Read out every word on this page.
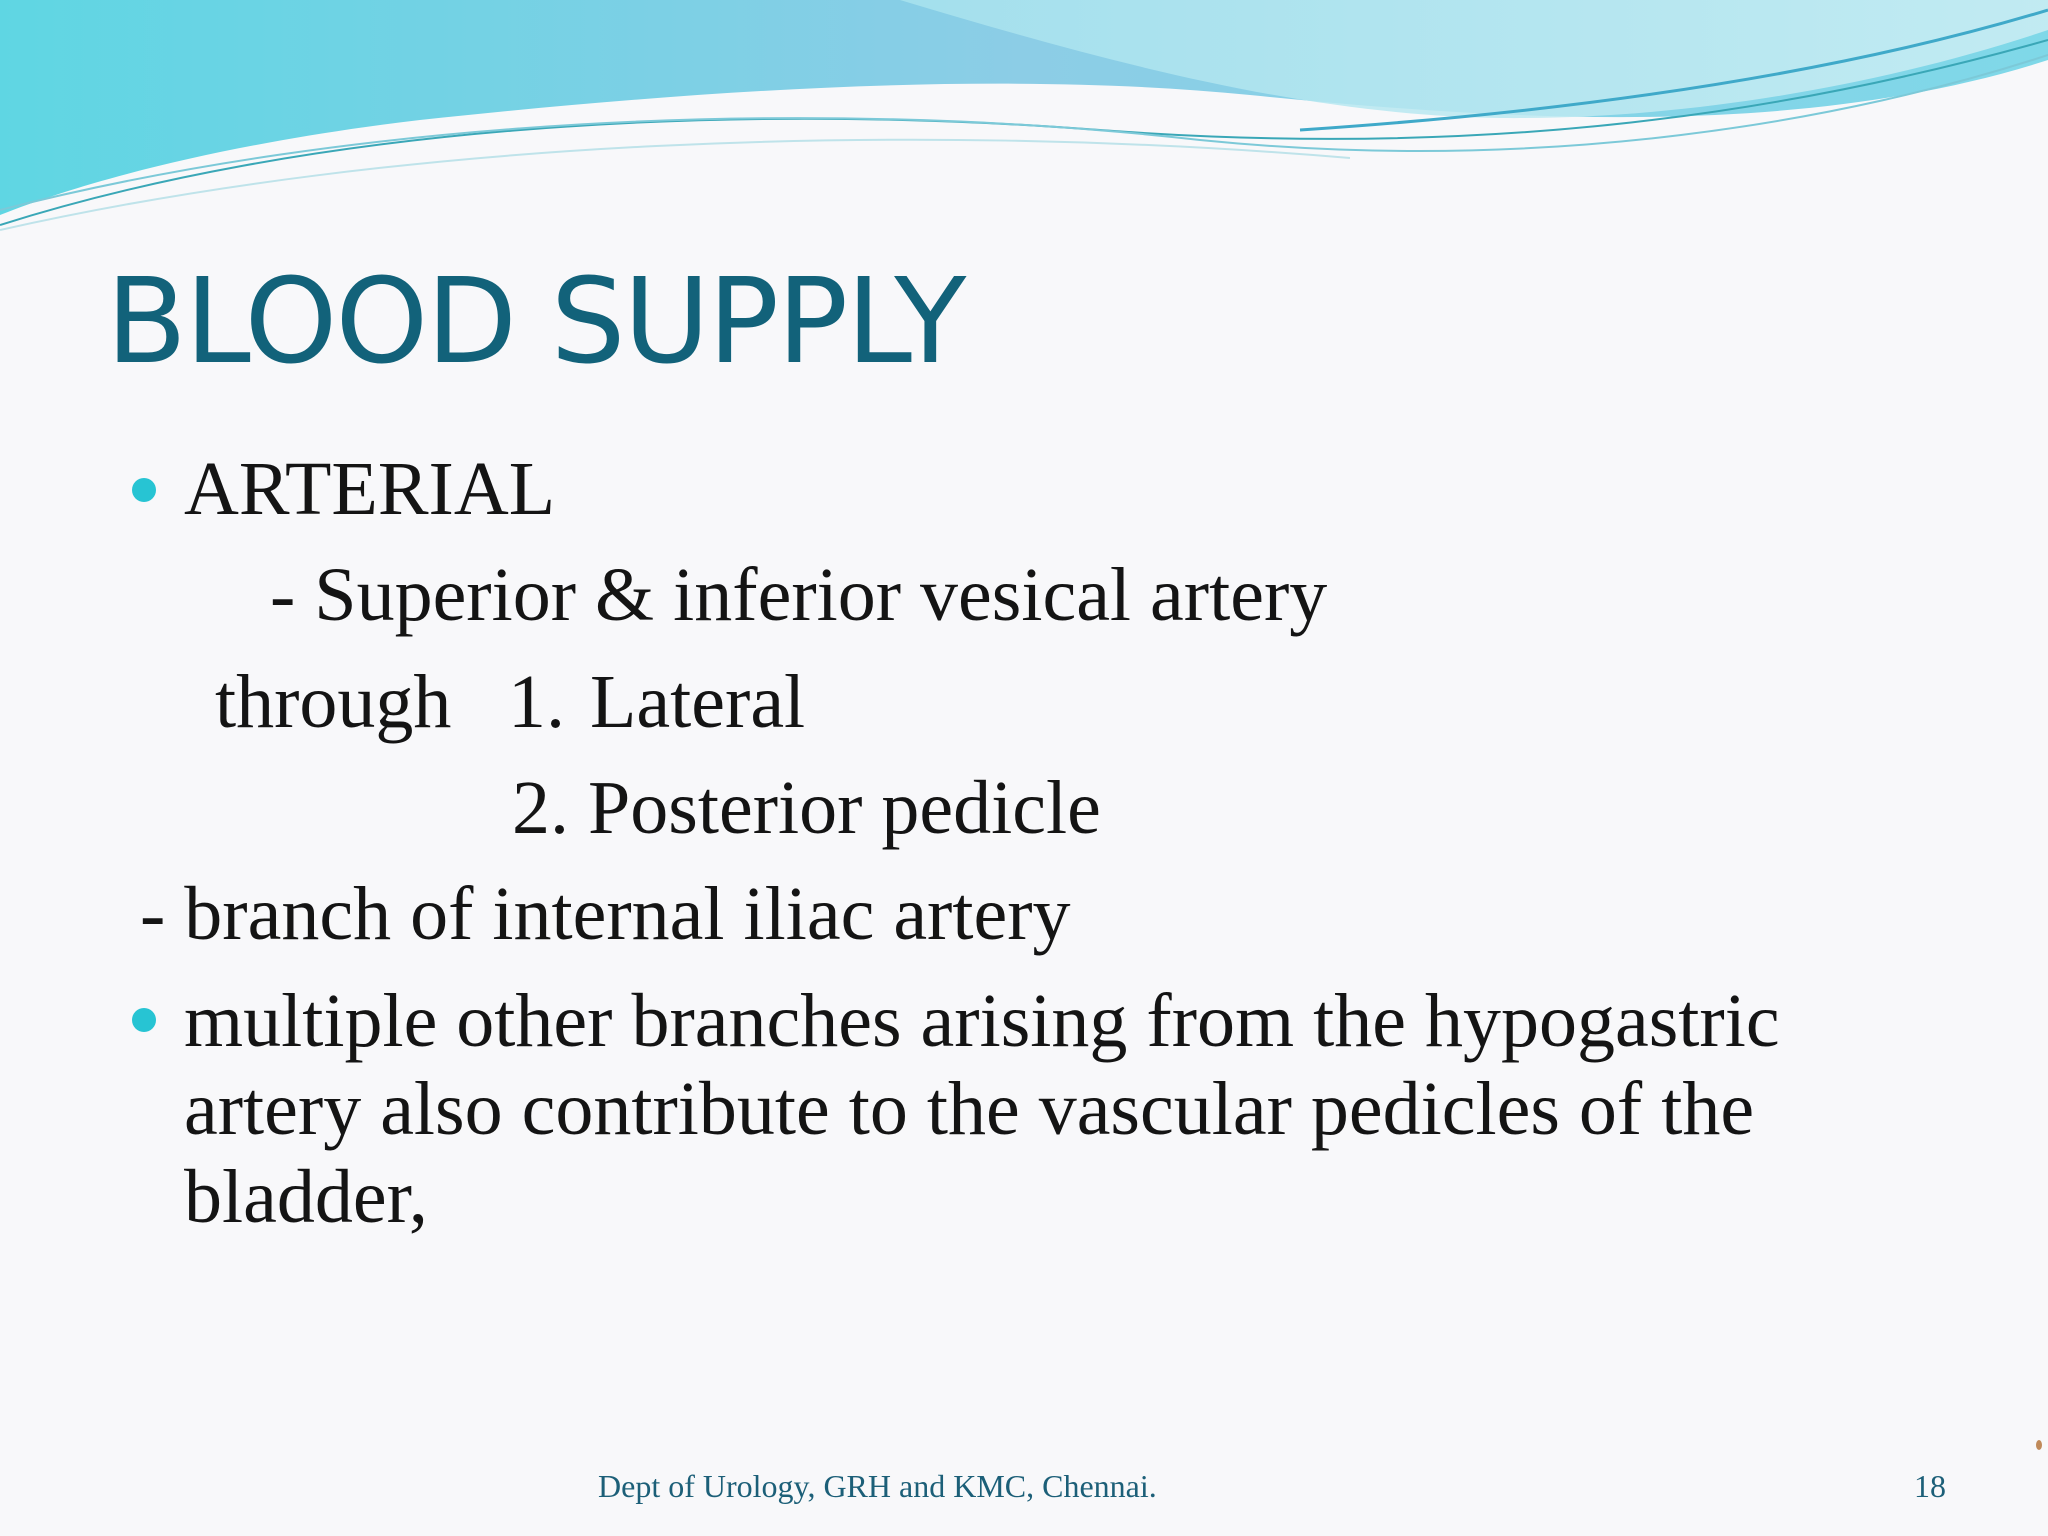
BLOOD SUPPLY
ARTERIAL
- Superior & inferior vesical artery
through 1. Lateral
2. Posterior pedicle
- branch of internal iliac artery
multiple other branches arising from the hypogastric
artery also contribute to the vascular pedicles of the
bladder,
Dept of Urology, GRH and KMC, Chennai.	18
